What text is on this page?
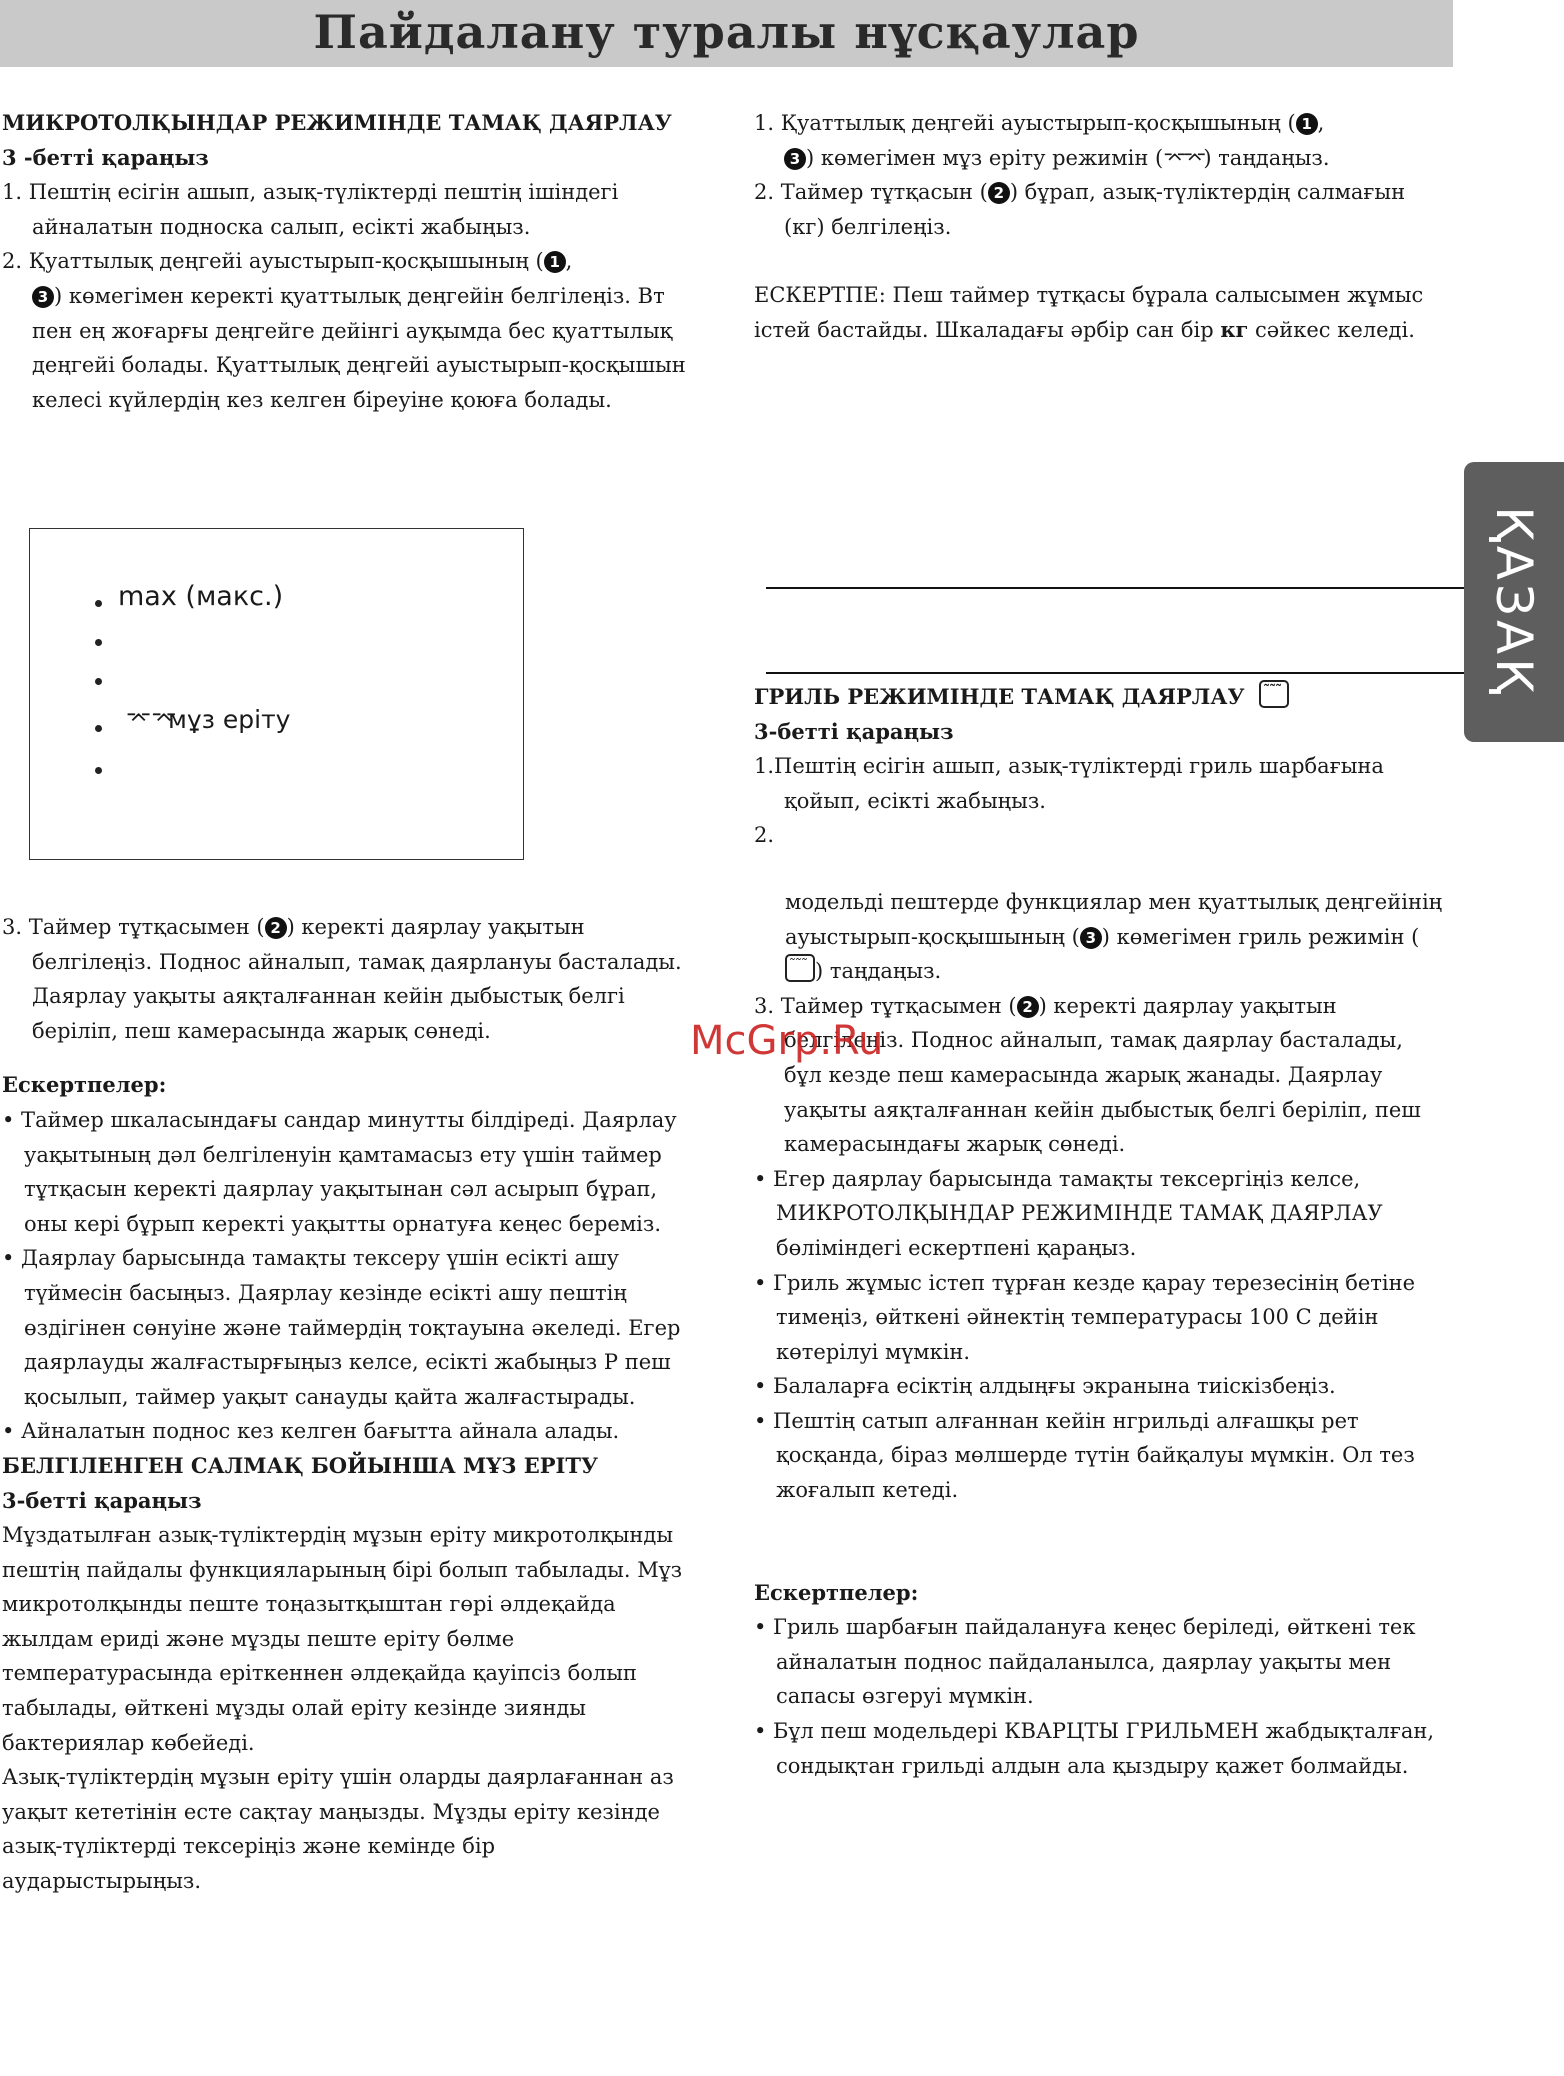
Пайдалану туралы нұсқаулар
ҚАЗАҚ

МИКРОТОЛҚЫНДАР РЕЖИМІНДЕ ТАМАҚ ДАЯРЛАУ

3 -бетті қараңыз

1. Пештің есігін ашып, азық-түліктерді пештің ішіндегі айналатын подноска салып, есікті жабыңыз.

2. Қуаттылық деңгейі ауыстырып-қосқышының ( 1 ,
3 ) көмегімен керекті қуаттылық деңгейін белгілеңіз. Вт пен ең жоғарғы деңгейге дейінгі ауқымда бес қуаттылық деңгейі болады. Қуаттылық деңгейі ауыстырып-қосқышын келесі күйлердің кез келген біреуіне қоюға болады.

max (макс.)
⌤⌤
мұз еріту

3. Таймер тұтқасымен ( 2 ) керекті даярлау уақытын белгілеңіз. Поднос айналып, тамақ даярлануы басталады. Даярлау уақыты аяқталғаннан кейін дыбыстық белгі беріліп, пеш камерасында жарық сөнеді.

Ескертпелер:

• Таймер шкаласындағы сандар минутты білдіреді. Даярлау уақытының дәл белгіленуін қамтамасыз ету үшін таймер тұтқасын керекті даярлау уақытынан сәл асырып бұрап, оны кері бұрып керекті уақытты орнатуға кеңес береміз.

• Даярлау барысында тамақты тексеру үшін есікті ашу түймесін басыңыз. Даярлау кезінде есікті ашу пештің өздігінен сөнуіне және таймердің тоқтауына әкеледі. Егер даярлауды жалғастырғыңыз келсе, есікті жабыңыз Р пеш қосылып, таймер уақыт санауды қайта жалғастырады.

• Айналатын поднос кез келген бағытта айнала алады.

БЕЛГІЛЕНГЕН САЛМАҚ БОЙЫНША МҰЗ ЕРІТУ

3-бетті қараңыз

Мұздатылған азық-түліктердің мұзын еріту микротолқынды пештің пайдалы функцияларының бірі болып табылады. Мұз микротолқынды пеште тоңазытқыштан гөрі әлдеқайда жылдам ериді және мұзды пеште еріту бөлме температурасында еріткеннен әлдеқайда қауіпсіз болып табылады, өйткені мұзды олай еріту кезінде зиянды бактериялар көбейеді.

Азық-түліктердің мұзын еріту үшін оларды даярлағаннан аз уақыт кететінін есте сақтау маңызды. Мұзды еріту кезінде азық-түліктерді тексеріңіз және кемінде бір аударыстырыңыз.

1. Қуаттылық деңгейі ауыстырып-қосқышының ( 1 ,
3 ) көмегімен мұз еріту режимін (⌤⌤) таңдаңыз.

2. Таймер тұтқасын ( 2 ) бұрап, азық-түліктердің салмағын (кг) белгілеңіз.

ЕСКЕРТПЕ: Пеш таймер тұтқасы бұрала салысымен жұмыс істей бастайды. Шкаладағы әрбір сан бір кг сәйкес келеді.

ГРИЛЬ РЕЖИМІНДЕ ТАМАҚ ДАЯРЛАУ  ˜˜˜

3-бетті қараңыз

1.Пештің есігін ашып, азық-түліктерді гриль шарбағына қойып, есікті жабыңыз.

2.

модельді пештерде функциялар мен қуаттылық деңгейінің ауыстырып-қосқышының ( 3 ) көмегімен гриль режимін (˜˜˜) таңдаңыз.

3. Таймер тұтқасымен ( 2 ) керекті даярлау уақытын белгілеңіз. Поднос айналып, тамақ даярлау басталады, бұл кезде пеш камерасында жарық жанады. Даярлау уақыты аяқталғаннан кейін дыбыстық белгі беріліп, пеш камерасындағы жарық сөнеді.

• Егер даярлау барысында тамақты тексергіңіз келсе, МИКРОТОЛҚЫНДАР РЕЖИМІНДЕ ТАМАҚ ДАЯРЛАУ бөліміндегі ескертпені қараңыз.

• Гриль жұмыс істеп тұрған кезде қарау терезесінің бетіне тимеңіз, өйткені әйнектің температурасы 100 С дейін көтерілуі мүмкін.

• Балаларға есіктің алдыңғы экранына тиіскізбеңіз.

• Пештің сатып алғаннан кейін нгрильді алғашқы рет қосқанда, біраз мөлшерде түтін байқалуы мүмкін. Ол тез жоғалып кетеді.

Ескертпелер:

• Гриль шарбағын пайдалануға кеңес беріледі, өйткені тек айналатын поднос пайдаланылса, даярлау уақыты мен сапасы өзгеруі мүмкін.

• Бұл пеш модельдері КВАРЦТЫ ГРИЛЬМЕН жабдықталған, сондықтан грильді алдын ала қыздыру қажет болмайды.

McGrp.Ru
